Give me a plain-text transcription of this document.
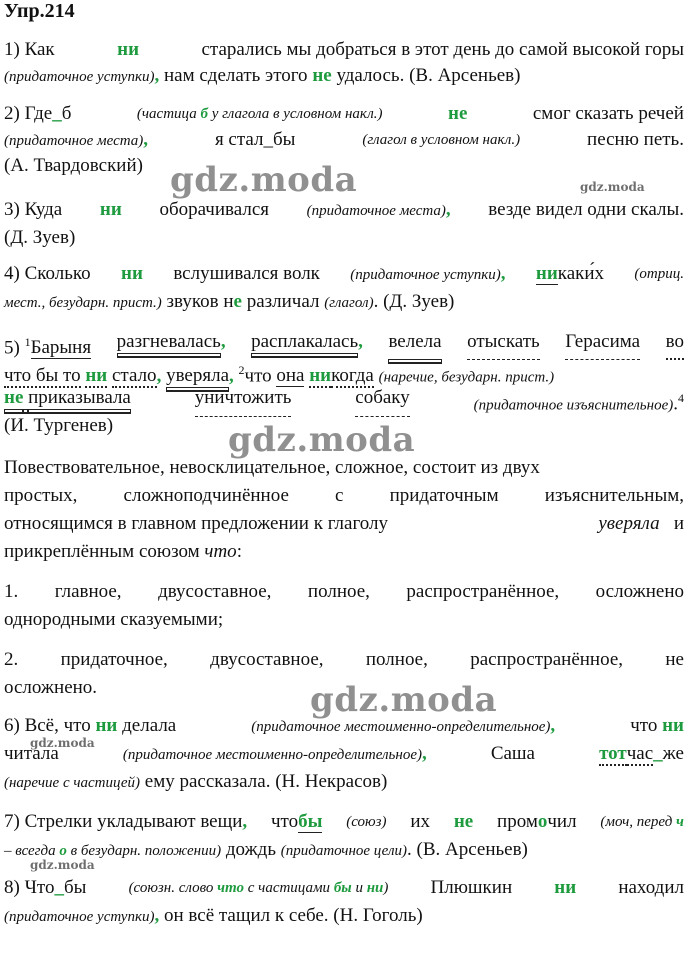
Упр.214
1) Как	ни	старались мы добраться в этот день до самой высокой горы
(придаточное уступки), нам сделать этого не удалось. (В. Арсеньев)
2) Где_б	(частица б у глагола в условном накл.)	не	смог сказать речей
(придаточное места),	я стал_бы	(глагол в условном накл.)	песню петь.
(А. Твардовский)
3) Куда ни оборачивался	(придаточное места), везде видел одни скалы.
(Д. Зуев)
4) Сколько ни вслушивался волк (придаточное уступки), никаки́х (отриц.
мест., безударн. прист.) звуков не различал (глагол). (Д. Зуев)
5) $^1$Барыня разгневалась, расплакалась, велела отыскать Герасима во
что бы то ни стало, уверяла, $^2$что она никогда (наречие, безударн. прист.)
не приказывала	уничтожить	собаку	(придаточное изъяснительное).$^4$
(И. Тургенев)
Повествовательное, невосклицательное, сложное, состоит из двух
простых, сложноподчинённое с придаточным изъяснительным,
относящимся в главном предложении к глаголу	уверяла и
прикреплённым союзом что:
1. главное, двусоставное, полное, распространённое, осложнено
однородными сказуемыми;
2. придаточное, двусоставное, полное, распространённое, не
осложнено.
6) Всё, что ни делала	(придаточное местоименно-определительное),	что ни
читала	(придаточное местоименно-определительное),	Саша	тотчас_же
(наречие с частицей) ему рассказала. (Н. Некрасов)
7) Стрелки укладывают вещи, чтобы (союз) их не промочил (моч, перед ч
– всегда о в безударн. положении) дождь (придаточное цели). (В. Арсеньев)
8) Что_бы	(союзн. слово что с частицами бы и ни) Плюшкин ни находил
(придаточное уступки), он всё тащил к себе. (Н. Гоголь)
gdz.moda	gdz.moda
gdz.moda
gdz.moda
gdz.moda
gdz.moda
